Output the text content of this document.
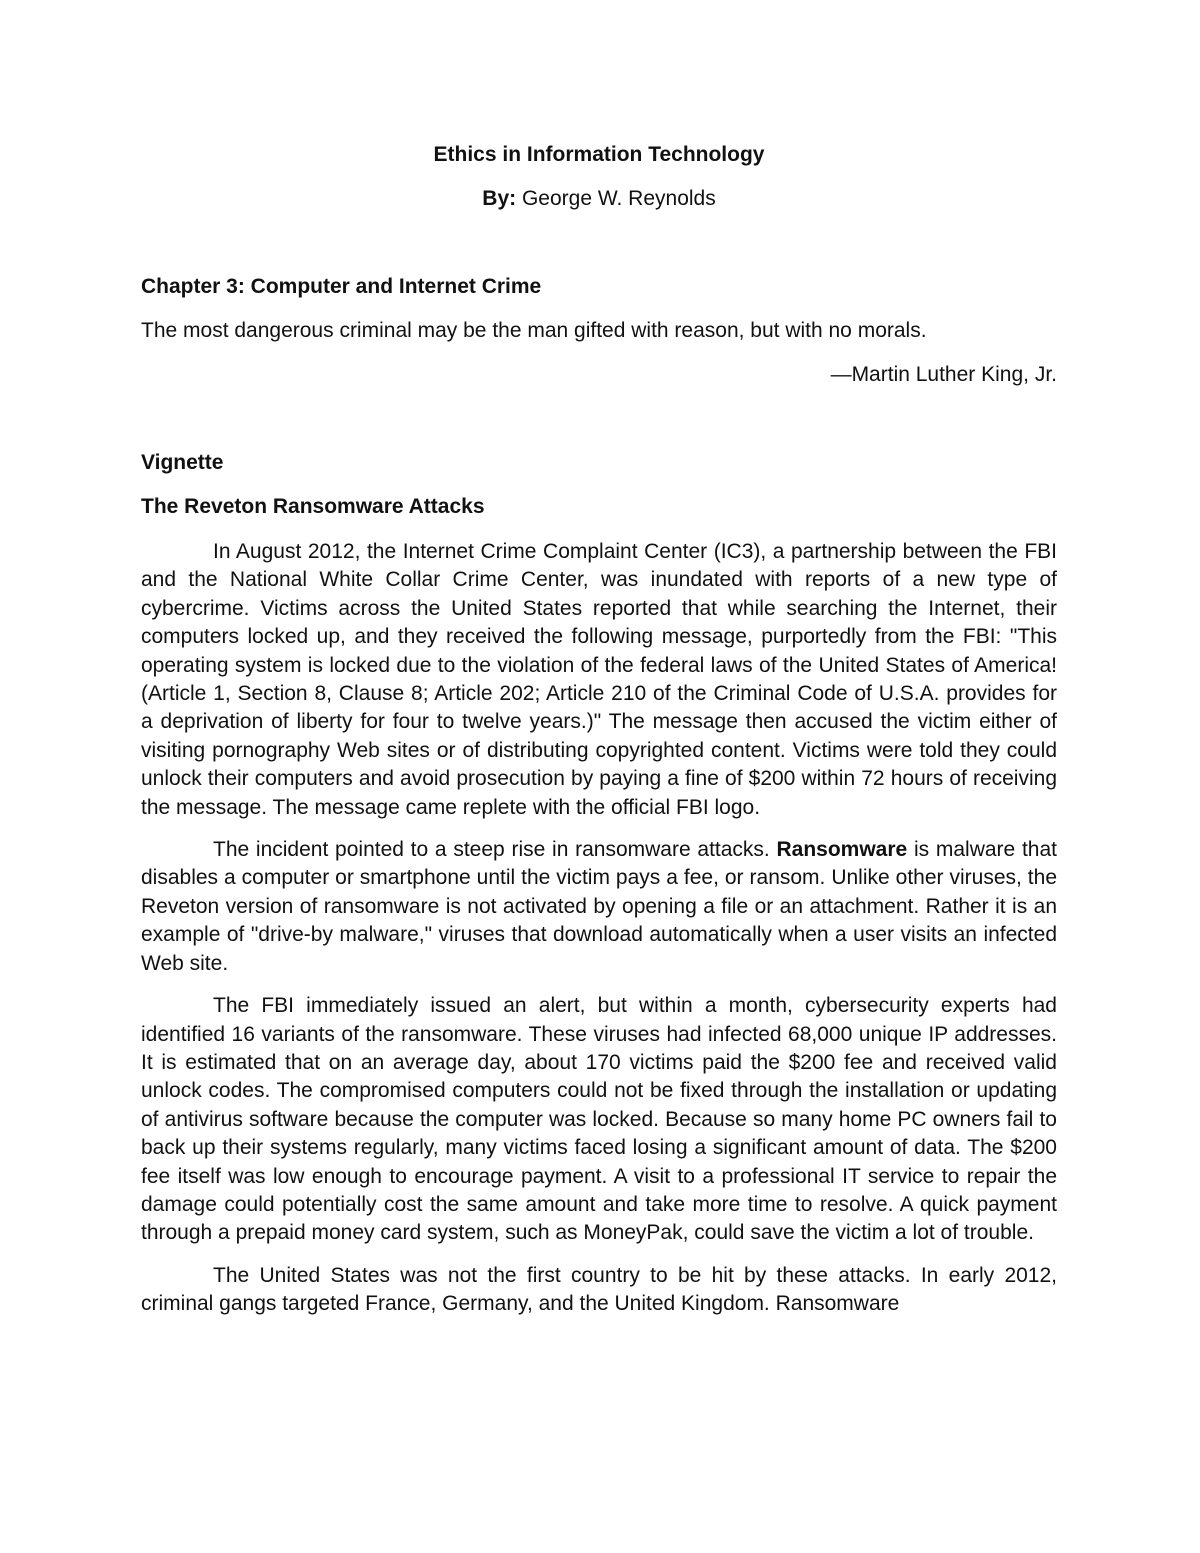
Ethics in Information Technology

By: George W. Reynolds

Chapter 3: Computer and Internet Crime

The most dangerous criminal may be the man gifted with reason, but with no morals.

—Martin Luther King, Jr.

Vignette

The Reveton Ransomware Attacks

In August 2012, the Internet Crime Complaint Center (IC3), a partnership between the FBI and the National White Collar Crime Center, was inundated with reports of a new type of cybercrime. Victims across the United States reported that while searching the Internet, their computers locked up, and they received the following message, purportedly from the FBI: "This operating system is locked due to the violation of the federal laws of the United States of America! (Article 1, Section 8, Clause 8; Article 202; Article 210 of the Criminal Code of U.S.A. provides for a deprivation of liberty for four to twelve years.)" The message then accused the victim either of visiting pornography Web sites or of distributing copyrighted content. Victims were told they could unlock their computers and avoid prosecution by paying a fine of $200 within 72 hours of receiving the message. The message came replete with the official FBI logo.

The incident pointed to a steep rise in ransomware attacks. Ransomware is malware that disables a computer or smartphone until the victim pays a fee, or ransom. Unlike other viruses, the Reveton version of ransomware is not activated by opening a file or an attachment. Rather it is an example of "drive-by malware," viruses that download automatically when a user visits an infected Web site.

The FBI immediately issued an alert, but within a month, cybersecurity experts had identified 16 variants of the ransomware. These viruses had infected 68,000 unique IP addresses. It is estimated that on an average day, about 170 victims paid the $200 fee and received valid unlock codes. The compromised computers could not be fixed through the installation or updating of antivirus software because the computer was locked. Because so many home PC owners fail to back up their systems regularly, many victims faced losing a significant amount of data. The $200 fee itself was low enough to encourage payment. A visit to a professional IT service to repair the damage could potentially cost the same amount and take more time to resolve. A quick payment through a prepaid money card system, such as MoneyPak, could save the victim a lot of trouble.

The United States was not the first country to be hit by these attacks. In early 2012, criminal gangs targeted France, Germany, and the United Kingdom. Ransomware
